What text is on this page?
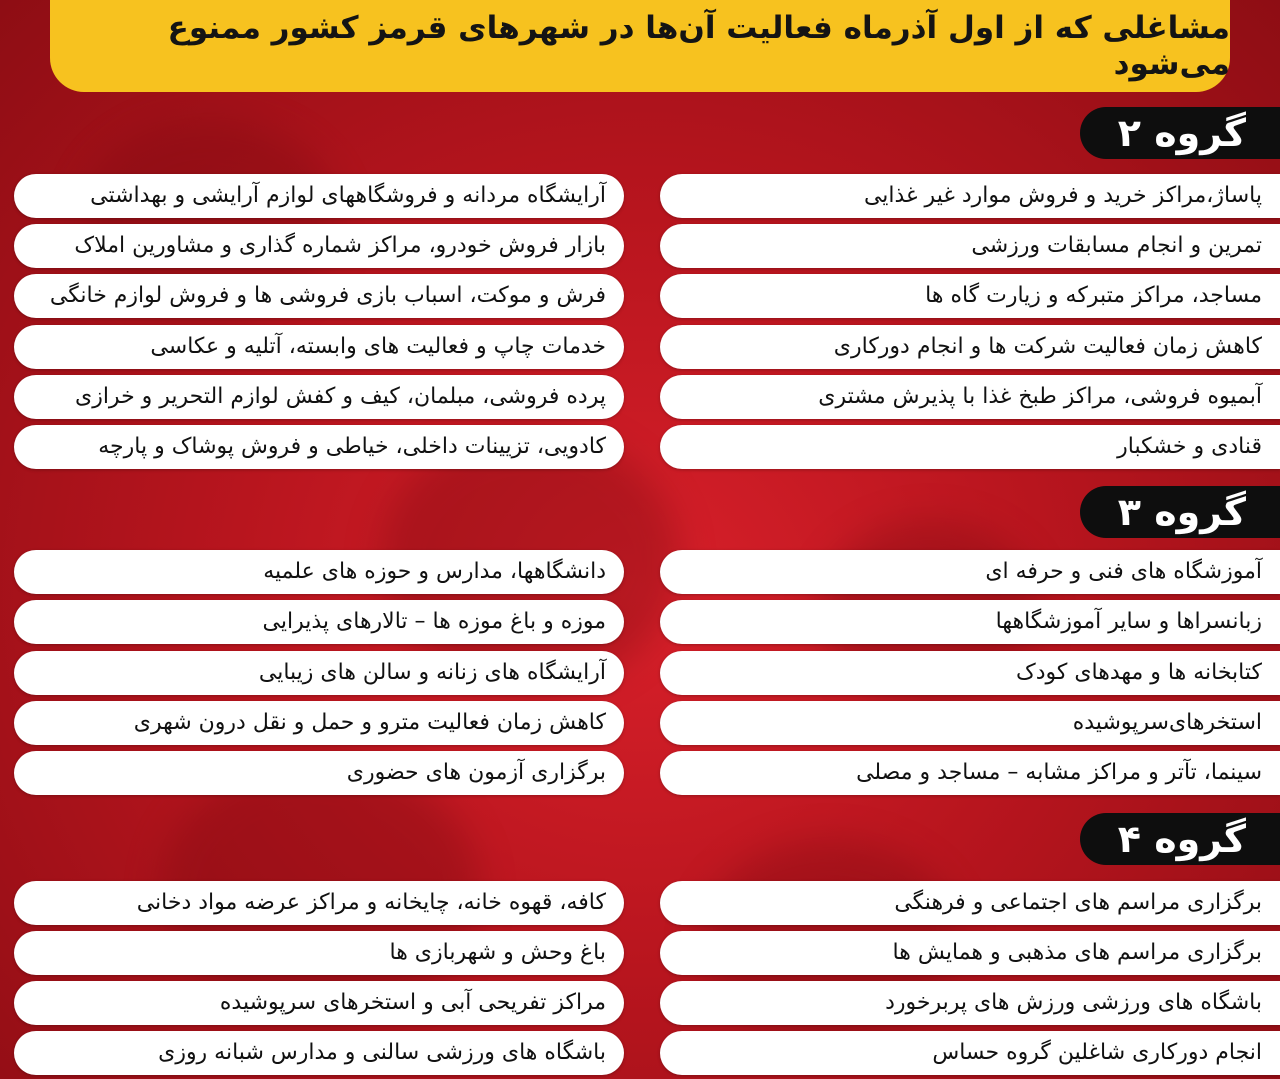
مشاغلی که از اول آذرماه فعالیت آن‌ها در شهرهای قرمز کشور ممنوع می‌شود
گروه ۲
پاساژ،مراکز خرید و فروش موارد غیر غذایی
تمرین و انجام مسابقات ورزشی
مساجد، مراکز متبرکه و زیارت گاه ها
کاهش زمان فعالیت شرکت ها و انجام دورکاری
آبمیوه فروشی، مراکز طبخ غذا با پذیرش مشتری
قنادی و خشکبار
آرایشگاه مردانه و فروشگاههای لوازم آرایشی و بهداشتی
بازار فروش خودرو، مراکز شماره گذاری و مشاورین املاک
فرش و موکت، اسباب بازی فروشی ها و فروش لوازم خانگی
خدمات چاپ و فعالیت های وابسته، آتلیه و عکاسی
پرده فروشی، مبلمان، کیف و کفش لوازم التحریر و خرازی
کادویی، تزیینات داخلی، خیاطی و فروش پوشاک و پارچه
گروه ۳
آموزشگاه های فنی و حرفه ای
زبانسراها و سایر آموزشگاهها
کتابخانه ها و مهدهای کودک
استخرهای‌سرپوشیده
سینما، تآتر و مراکز مشابه – مساجد و مصلی
دانشگاهها، مدارس و حوزه های علمیه
موزه و باغ موزه ها – تالارهای پذیرایی
آرایشگاه های زنانه و سالن های زیبایی
کاهش زمان فعالیت مترو و حمل و نقل درون شهری
برگزاری آزمون های حضوری
گروه ۴
برگزاری مراسم های اجتماعی و فرهنگی
برگزاری مراسم های مذهبی و همایش ها
باشگاه های ورزشی ورزش های پربرخورد
انجام دورکاری شاغلین گروه حساس
کافه، قهوه خانه، چایخانه و مراکز عرضه مواد دخانی
باغ وحش و شهربازی ها
مراکز تفریحی آبی و استخرهای سرپوشیده
باشگاه های ورزشی سالنی و مدارس شبانه روزی
